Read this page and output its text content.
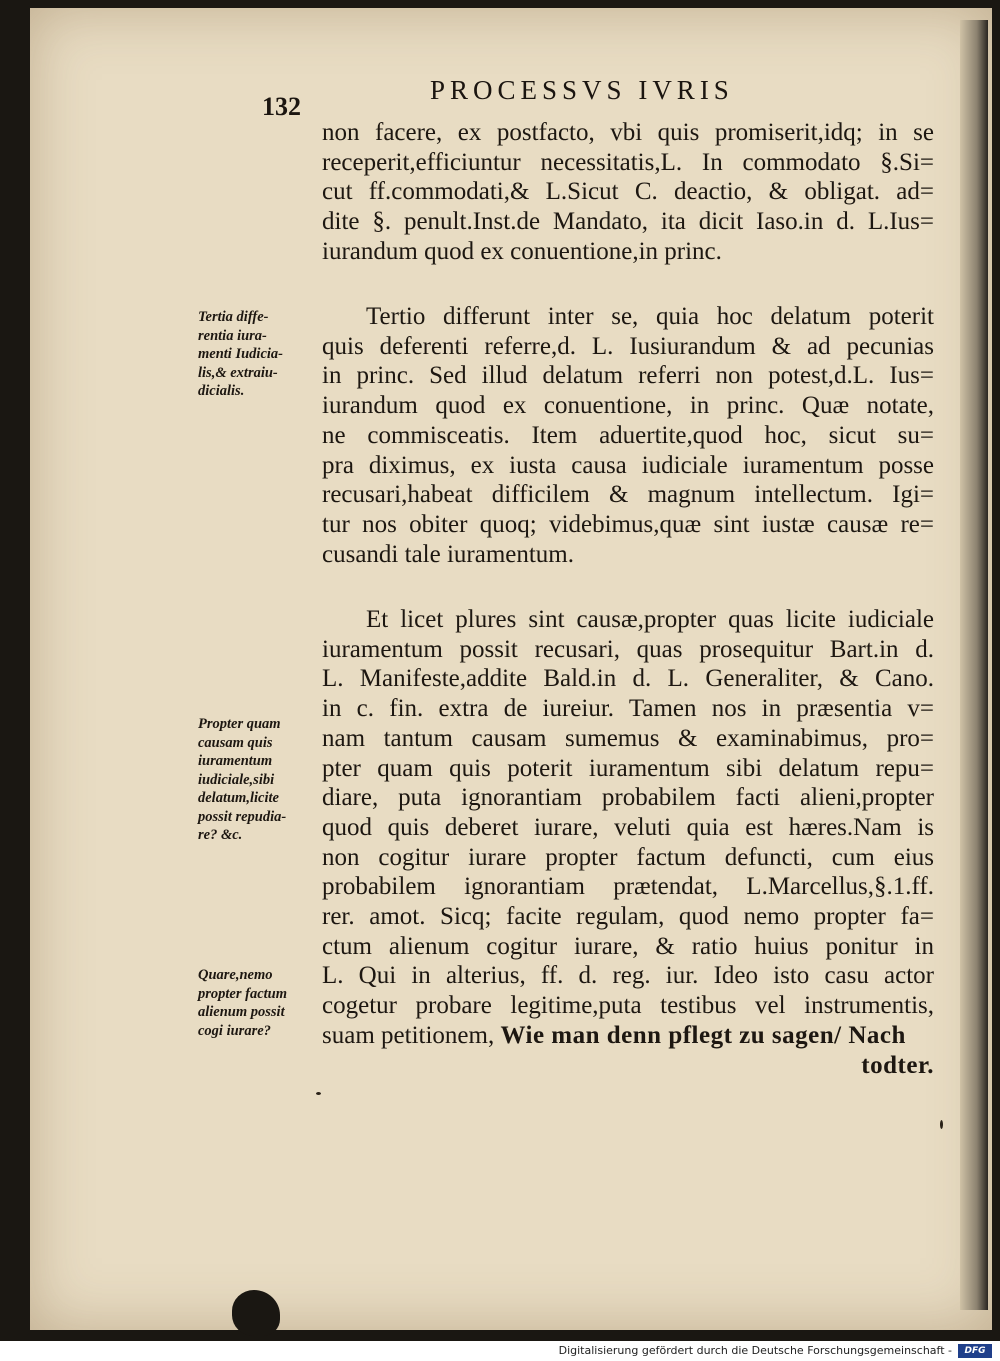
PROCESSVS IVRIS
132
non facere, ex postfacto, vbi quis promiserit,idq; in se
receperit,efficiuntur necessitatis,L. In commodato §.Si=
cut ff.commodati,& L.Sicut C. deactio, & obligat. ad=
dite §. penult.Inst.de Mandato, ita dicit Iaso.in d. L.Ius=
iurandum quod ex conuentione,in princ.
Tertio differunt inter se, quia hoc delatum poterit
quis deferenti referre,d. L. Iusiurandum & ad pecunias
in princ. Sed illud delatum referri non potest,d.L. Ius=
iurandum quod ex conuentione, in princ. Quæ notate,
ne commisceatis. Item aduertite,quod hoc, sicut su=
pra diximus, ex iusta causa iudiciale iuramentum posse
recusari,habeat difficilem & magnum intellectum. Igi=
tur nos obiter quoq; videbimus,quæ sint iustæ causæ re=
cusandi tale iuramentum.
Et licet plures sint causæ,propter quas licite iudiciale
iuramentum possit recusari, quas prosequitur Bart.in d.
L. Manifeste,addite Bald.in d. L. Generaliter, & Cano.
in c. fin. extra de iureiur. Tamen nos in præsentia v=
nam tantum causam sumemus & examinabimus, pro=
pter quam quis poterit iuramentum sibi delatum repu=
diare, puta ignorantiam probabilem facti alieni,propter
quod quis deberet iurare, veluti quia est hæres.Nam is
non cogitur iurare propter factum defuncti, cum eius
probabilem ignorantiam prætendat, L.Marcellus,§.1.ff.
rer. amot. Sicq; facite regulam, quod nemo propter fa=
ctum alienum cogitur iurare, & ratio huius ponitur in
L. Qui in alterius, ff. d. reg. iur. Ideo isto casu actor
cogetur probare legitime,puta testibus vel instrumentis,
suam petitionem, Wie man denn pflegt zu sagen/ Nach
todter.
Tertia diffe-
rentia iura-
menti Iudicia-
lis,& extraiu-
dicialis.
Propter quam
causam quis
iuramentum
iudiciale,sibi
delatum,licite
possit repudia-
re? &c.
Quare,nemo
propter factum
alienum possit
cogi iurare?
Digitalisierung gefördert durch die Deutsche Forschungsgemeinschaft -	DFG
